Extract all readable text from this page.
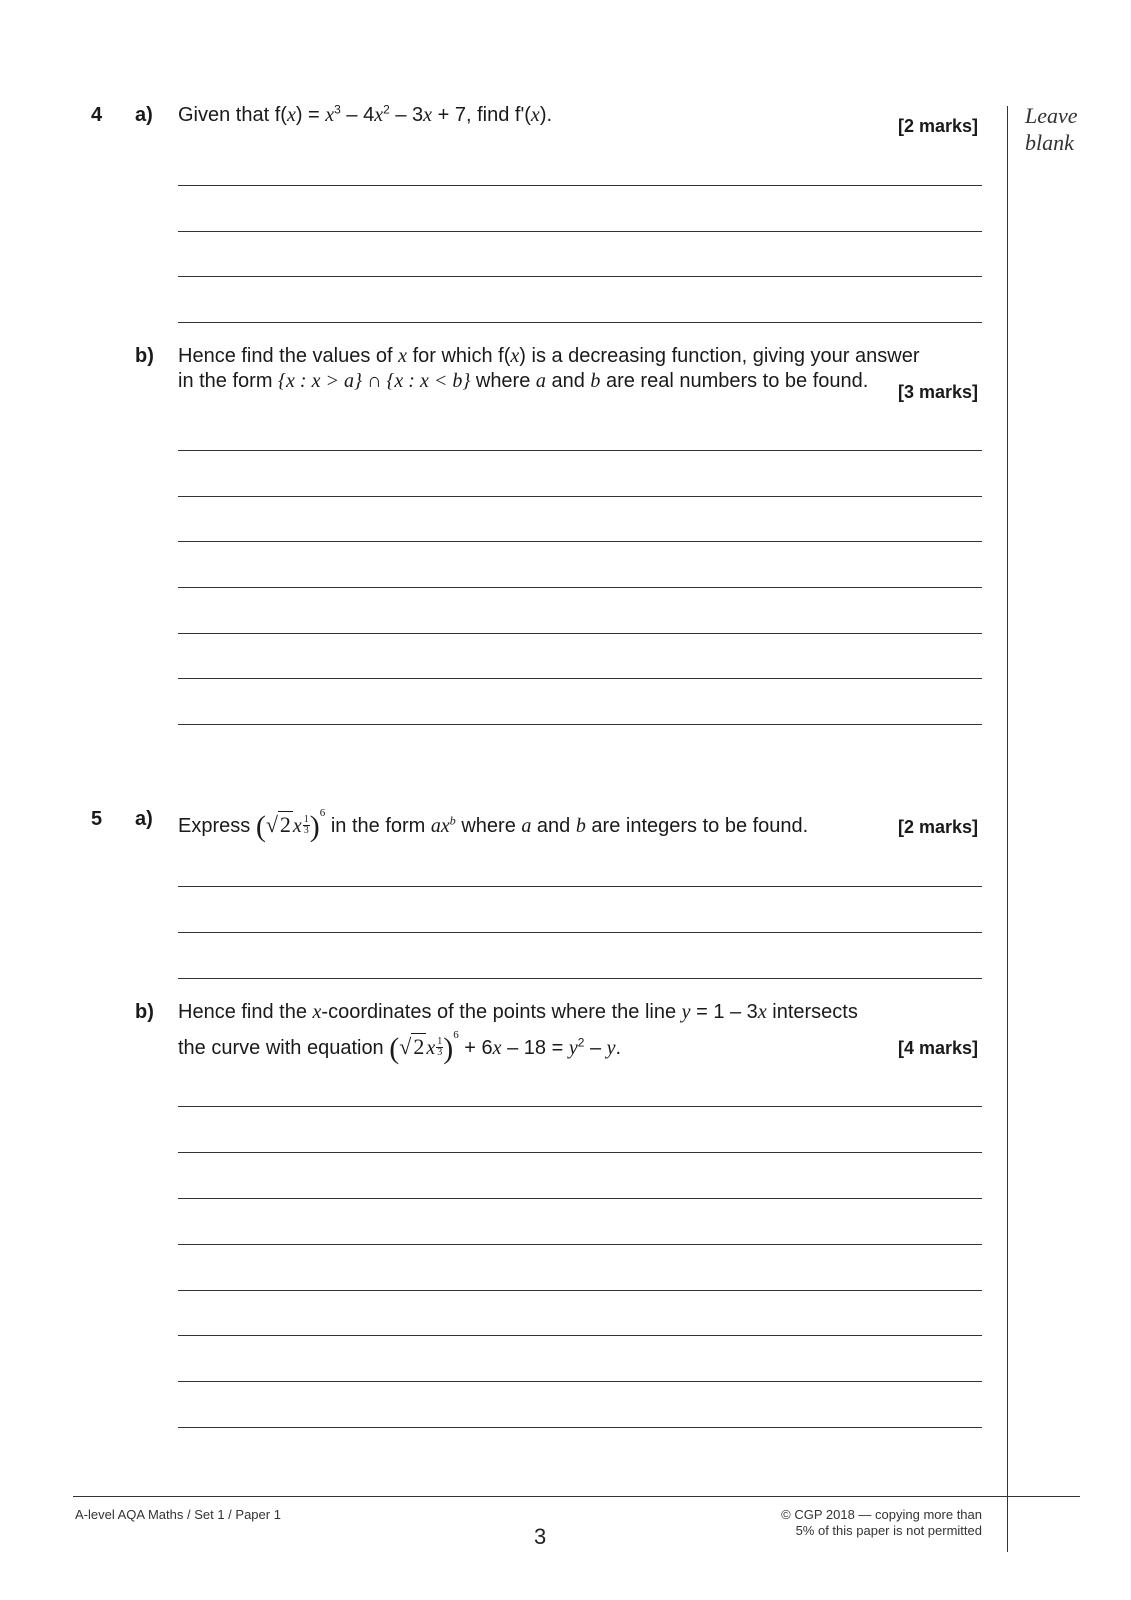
Leave
blank
4 a) Given that $f(x) = x^3 - 4x^2 - 3x + 7$, find f'(x).	[2 marks]
b) Hence find the values of x for which f(x) is a decreasing function, giving your answer
in the form {x : x > a} ∩ {x : x < b} where a and b are real numbers to be found. [3 marks]
5 a) Express (√2 x $\frac{1}{3} )^6$ in the form $ax^b$ where a and b are integers to be found.	[2 marks]
b) Hence find the x-coordinates of the points where the line y = 1 – 3x intersects
the curve with equation (√2 x $\frac{1}{3} )^6 + 6x - 18 = y^2 - y$.	[4 marks]
A-level AQA Maths / Set 1 / Paper 1
3
© CGP 2018 — copying more than
5% of this paper is not permitted
